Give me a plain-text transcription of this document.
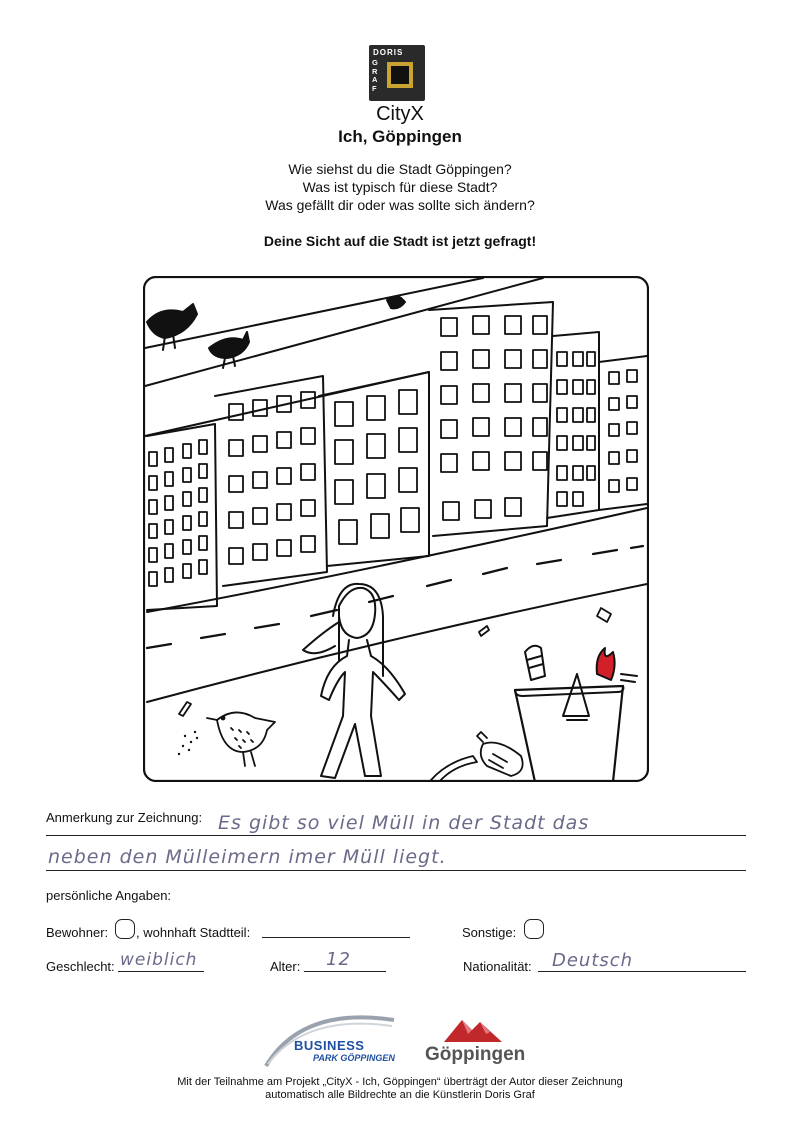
DORIS
GRAF
CityX
Ich, Göppingen
Wie siehst du die Stadt Göppingen?
Was ist typisch für diese Stadt?
Was gefällt dir oder was sollte sich ändern?
Deine Sicht auf die Stadt ist jetzt gefragt!
Anmerkung zur Zeichnung: Es gibt so viel Müll in der Stadt das
neben den Mülleimern imer Müll liegt.
persönliche Angaben:
Bewohner: , wohnhaft Stadtteil:	Sonstige:
Geschlecht: weiblich	Alter: 12	Nationalität: Deutsch
BUSINESS
PARK GÖPPINGEN Göppingen
Mit der Teilnahme am Projekt „CityX - Ich, Göppingen“ überträgt der Autor dieser Zeichnung
automatisch alle Bildrechte an die Künstlerin Doris Graf
